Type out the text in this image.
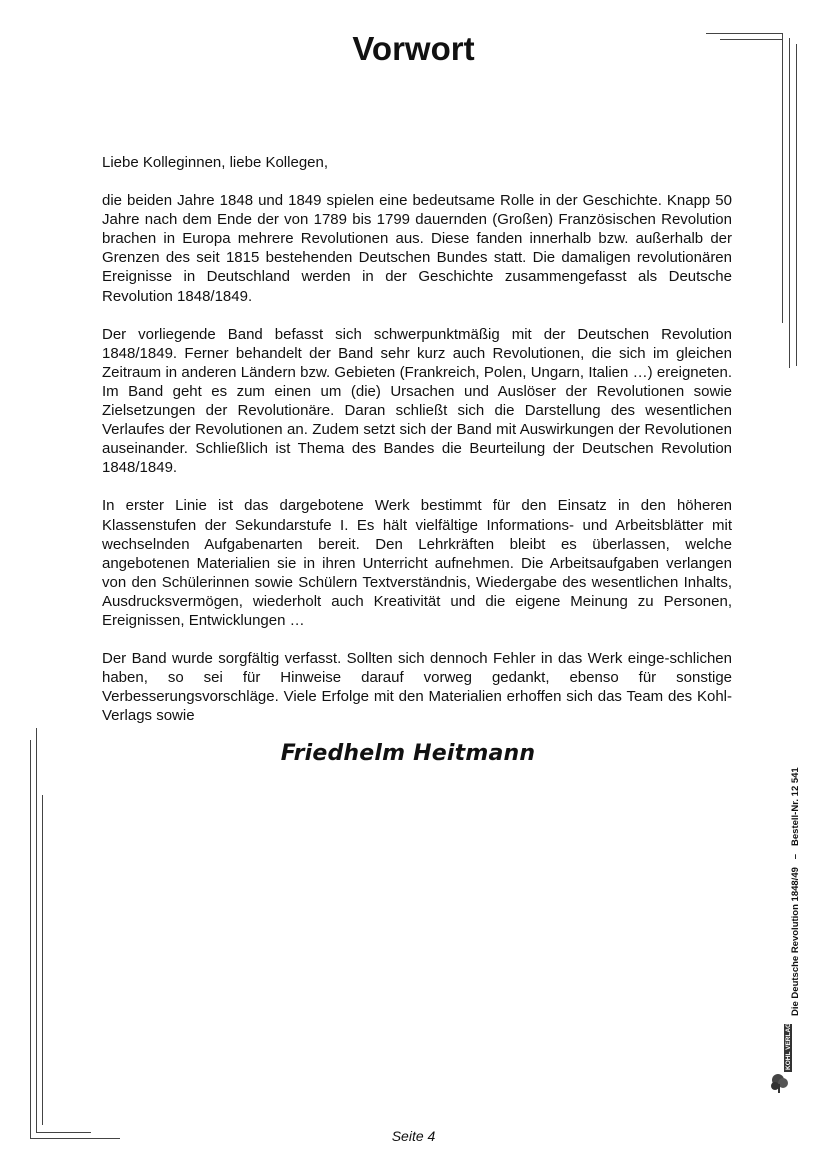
Vorwort

Liebe Kolleginnen, liebe Kollegen,

die beiden Jahre 1848 und 1849 spielen eine bedeutsame Rolle in der Geschichte. Knapp 50 Jahre nach dem Ende der von 1789 bis 1799 dauernden (Großen) Französischen Revolution brachen in Europa mehrere Revolutionen aus. Diese fanden innerhalb bzw. außerhalb der Grenzen des seit 1815 bestehenden Deutschen Bundes statt. Die damaligen revolutionären Ereignisse in Deutschland werden in der Geschichte zusammengefasst als Deutsche Revolution 1848/1849.

Der vorliegende Band befasst sich schwerpunktmäßig mit der Deutschen Revolution 1848/1849. Ferner behandelt der Band sehr kurz auch Revolutionen, die sich im gleichen Zeitraum in anderen Ländern bzw. Gebieten (Frankreich, Polen, Ungarn, Italien …) ereigneten. Im Band geht es zum einen um (die) Ursachen und Auslöser der Revolutionen sowie Zielsetzungen der Revolutionäre. Daran schließt sich die Darstellung des wesentlichen Verlaufes der Revolutionen an. Zudem setzt sich der Band mit Auswirkungen der Revolutionen auseinander. Schließlich ist Thema des Bandes die Beurteilung der Deutschen Revolution 1848/1849.

In erster Linie ist das dargebotene Werk bestimmt für den Einsatz in den höheren Klassenstufen der Sekundarstufe I. Es hält vielfältige Informations- und Arbeitsblätter mit wechselnden Aufgabenarten bereit. Den Lehrkräften bleibt es überlassen, welche angebotenen Materialien sie in ihren Unterricht aufnehmen. Die Arbeitsaufgaben verlangen von den Schülerinnen sowie Schülern Textverständnis, Wiedergabe des wesentlichen Inhalts, Ausdrucksvermögen, wiederholt auch Kreativität und die eigene Meinung zu Personen, Ereignissen, Entwicklungen …

Der Band wurde sorgfältig verfasst. Sollten sich dennoch Fehler in das Werk einge-schlichen haben, so sei für Hinweise darauf vorweg gedankt, ebenso für sonstige Verbesserungsvorschläge. Viele Erfolge mit den Materialien erhoffen sich das Team des Kohl-Verlags sowie

Friedhelm Heitmann
Die Deutsche Revolution 1848/49   –   Bestell-Nr. 12 541
KOHL VERLAG
Seite 4
